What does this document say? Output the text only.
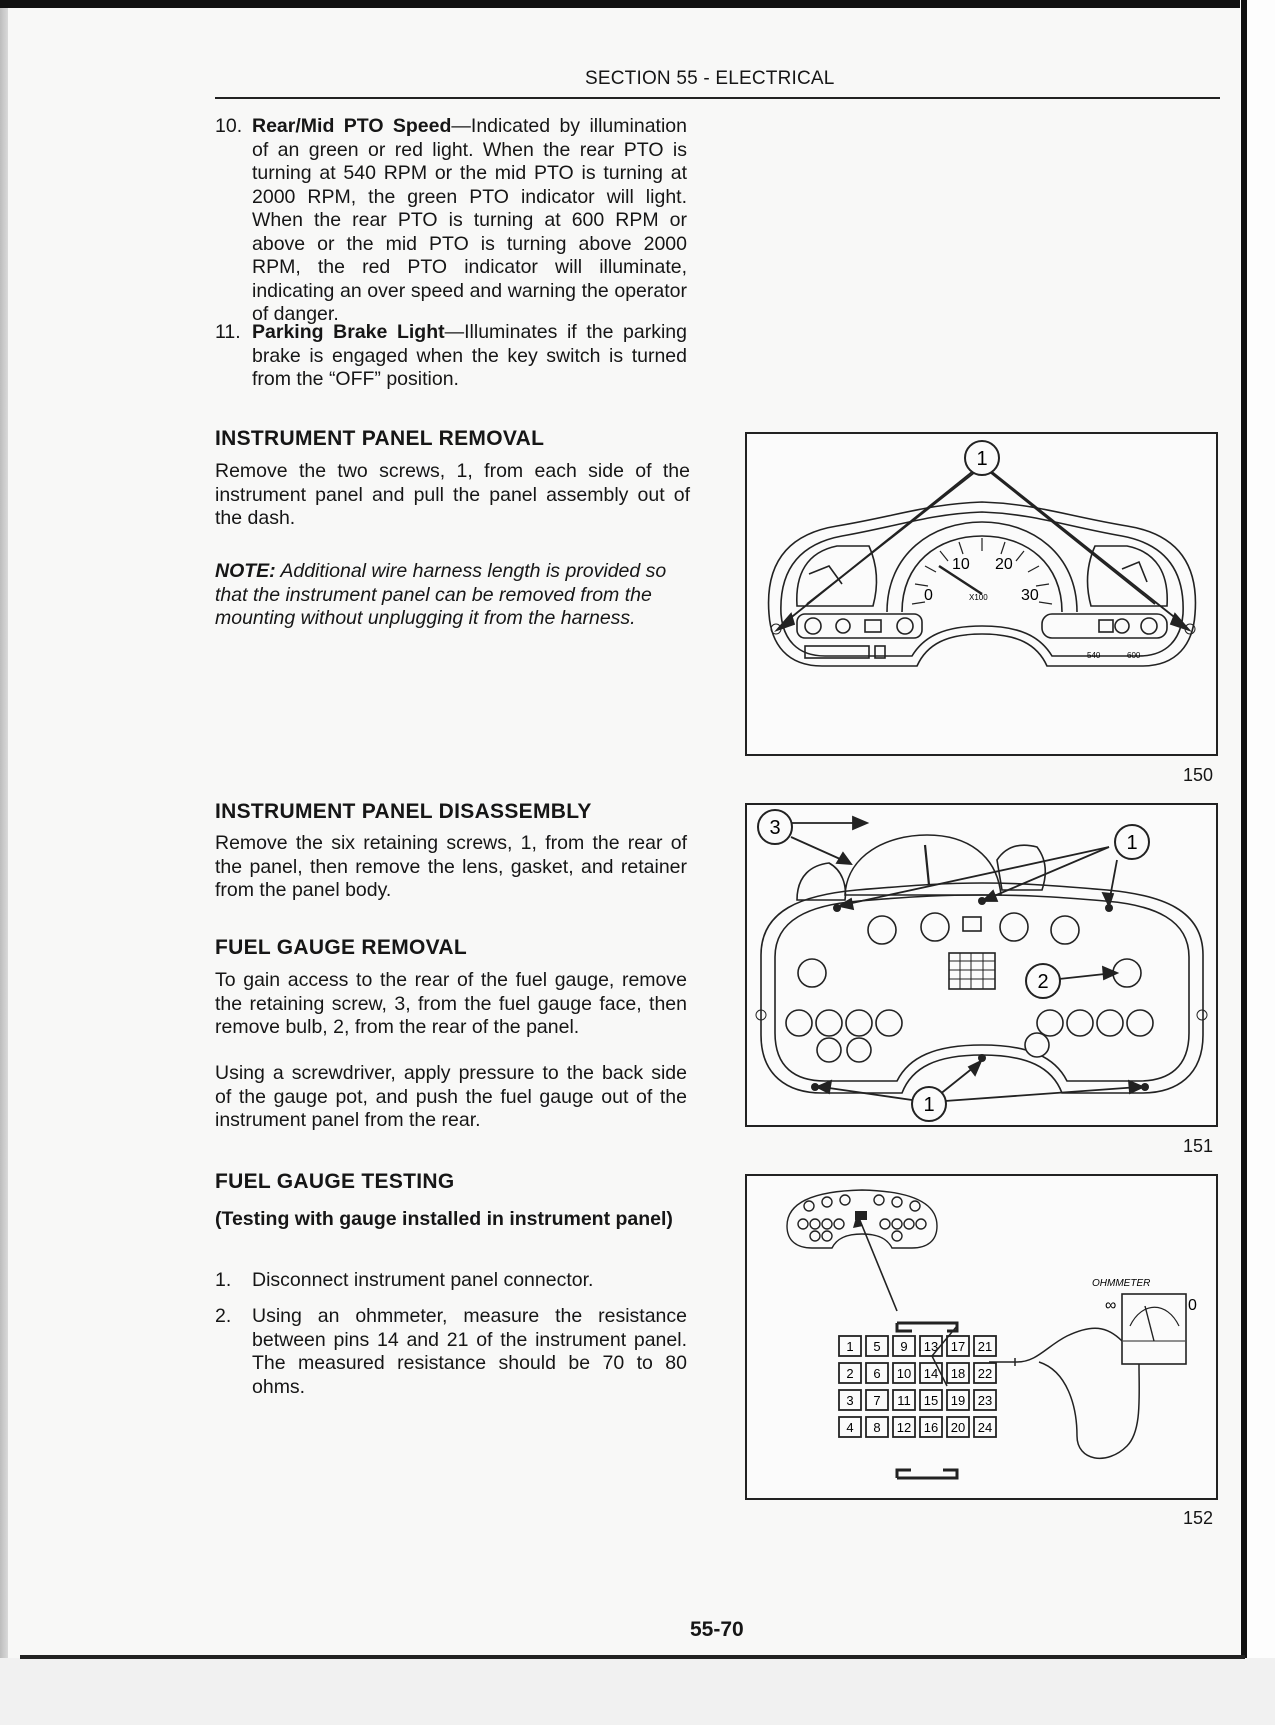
SECTION 55 - ELECTRICAL
10. Rear/Mid PTO Speed—Indicated by illumination of an green or red light. When the rear PTO is turning at 540 RPM or the mid PTO is turning at 2000 RPM, the green PTO indicator will light. When the rear PTO is turning at 600 RPM or above or the mid PTO is turning above 2000 RPM, the red PTO indicator will illuminate, indicating an over speed and warning the operator of danger.
11. Parking Brake Light—Illuminates if the parking brake is engaged when the key switch is turned from the “OFF” position.
INSTRUMENT PANEL REMOVAL
Remove the two screws, 1, from each side of the instrument panel and pull the panel assembly out of the dash.
NOTE: Additional wire harness length is provided so that the instrument panel can be removed from the mounting without unplugging it from the harness.
INSTRUMENT PANEL DISASSEMBLY
Remove the six retaining screws, 1, from the rear of the panel, then remove the lens, gasket, and retainer from the panel body.
FUEL GAUGE REMOVAL
To gain access to the rear of the fuel gauge, remove the retaining screw, 3, from the fuel gauge face, then remove bulb, 2, from the rear of the panel.
Using a screwdriver, apply pressure to the back side of the gauge pot, and push the fuel gauge out of the instrument panel from the rear.
FUEL GAUGE TESTING
(Testing with gauge installed in instrument panel)
1. Disconnect instrument panel connector.
2. Using an ohmmeter, measure the resistance between pins 14 and 21 of the instrument panel. The measured resistance should be 70 to 80 ohms.
0
10 20
30
X100
540	600
1
150
3
1
2
1
151
1 5 9 13 17 21
2 6 10 14 18 22
3 7 11 15 19 23
4 8 12 16 20 24
OHMMETER
∞	0
152
55-70
